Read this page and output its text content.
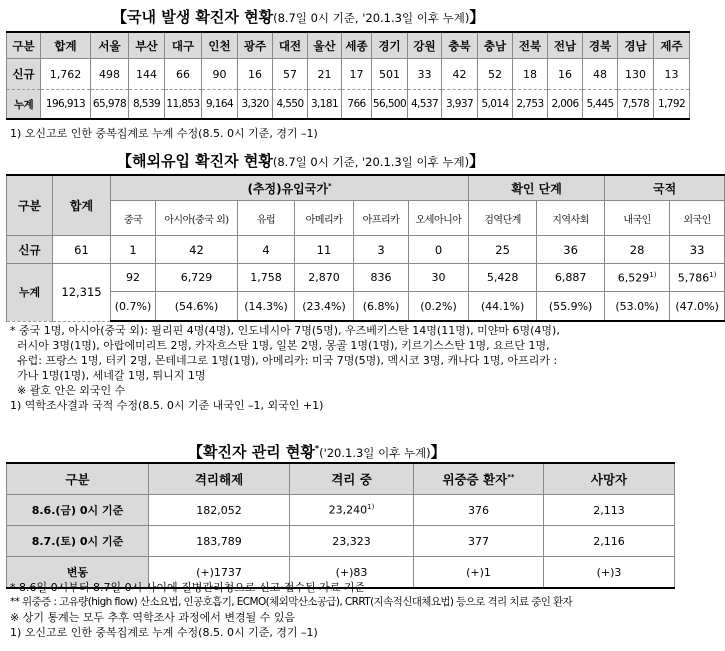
【국내 발생 확진자 현황(8.7일 0시 기준, '20.1.3일 이후 누계)】
구분	합계	서울	부산	대구	인천	광주	대전	울산	세종	경기	강원	충북	충남	전북	전남	경북	경남	제주
신규	1,762	498	144	66	90	16	57	21	17	501	33	42	52	18	16	48	130	13
누계	196,913	65,978	8,539	11,853	9,164	3,320	4,550	3,181	766	56,500	4,537	3,937	5,014	2,753	2,006	5,445	7,578	1,792
1) 오신고로 인한 중복집계로 누계 수정(8.5. 0시 기준, 경기 –1)
【해외유입 확진자 현황(8.7일 0시 기준, '20.1.3일 이후 누계)】
구분	합계	(추정)유입국가*						확인 단계		국적	
		중국	아시아(중국 외)	유럽	아메리카	아프리카	오세아니아	검역단계	지역사회	내국인	외국인
신규	61	1	42	4	11	3	0	25	36	28	33
누계	12,315	92	6,729	1,758	2,870	836	30	5,428	6,887	6,529$^{1)}$	5,786$^{1)}$
		(0.7%)	(54.6%)	(14.3%)	(23.4%)	(6.8%)	(0.2%)	(44.1%)	(55.9%)	(53.0%)	(47.0%)
* 중국 1명, 아시아(중국 외): 필리핀 4명(4명), 인도네시아 7명(5명), 우즈베키스탄 14명(11명), 미얀마 6명(4명),
러시아 3명(1명), 아랍에미리트 2명, 카자흐스탄 1명, 일본 2명, 몽골 1명(1명), 키르기스스탄 1명, 요르단 1명,
유럽: 프랑스 1명, 터키 2명, 몬테네그로 1명(1명), 아메리카: 미국 7명(5명), 멕시코 3명, 캐나다 1명, 아프리카 :
가나 1명(1명), 세네갈 1명, 튀니지 1명
※ 괄호 안은 외국인 수
1) 역학조사결과 국적 수정(8.5. 0시 기준 내국인 –1, 외국인 +1)
【확진자 관리 현황*('20.1.3일 이후 누계)】
구분	격리해제	격리 중	위중증 환자**	사망자
8.6.(금) 0시 기준	182,052	23,240$^{1)}$	376	2,113
8.7.(토) 0시 기준	183,789	23,323	377	2,116
변동	(+)1737	(+)83	(+)1	(+)3
* 8.6일 0시부터 8.7일 0시 사이에 질병관리청으로 신고·접수된 자료 기준
** 위중증 : 고유량(high flow) 산소요법, 인공호흡기, ECMO(체외막산소공급), CRRT(지속적신대체요법) 등으로 격리 치료 중인 환자
※ 상기 통계는 모두 추후 역학조사 과정에서 변경될 수 있음
1) 오신고로 인한 중복집계로 누계 수정(8.5. 0시 기준, 경기 –1)
